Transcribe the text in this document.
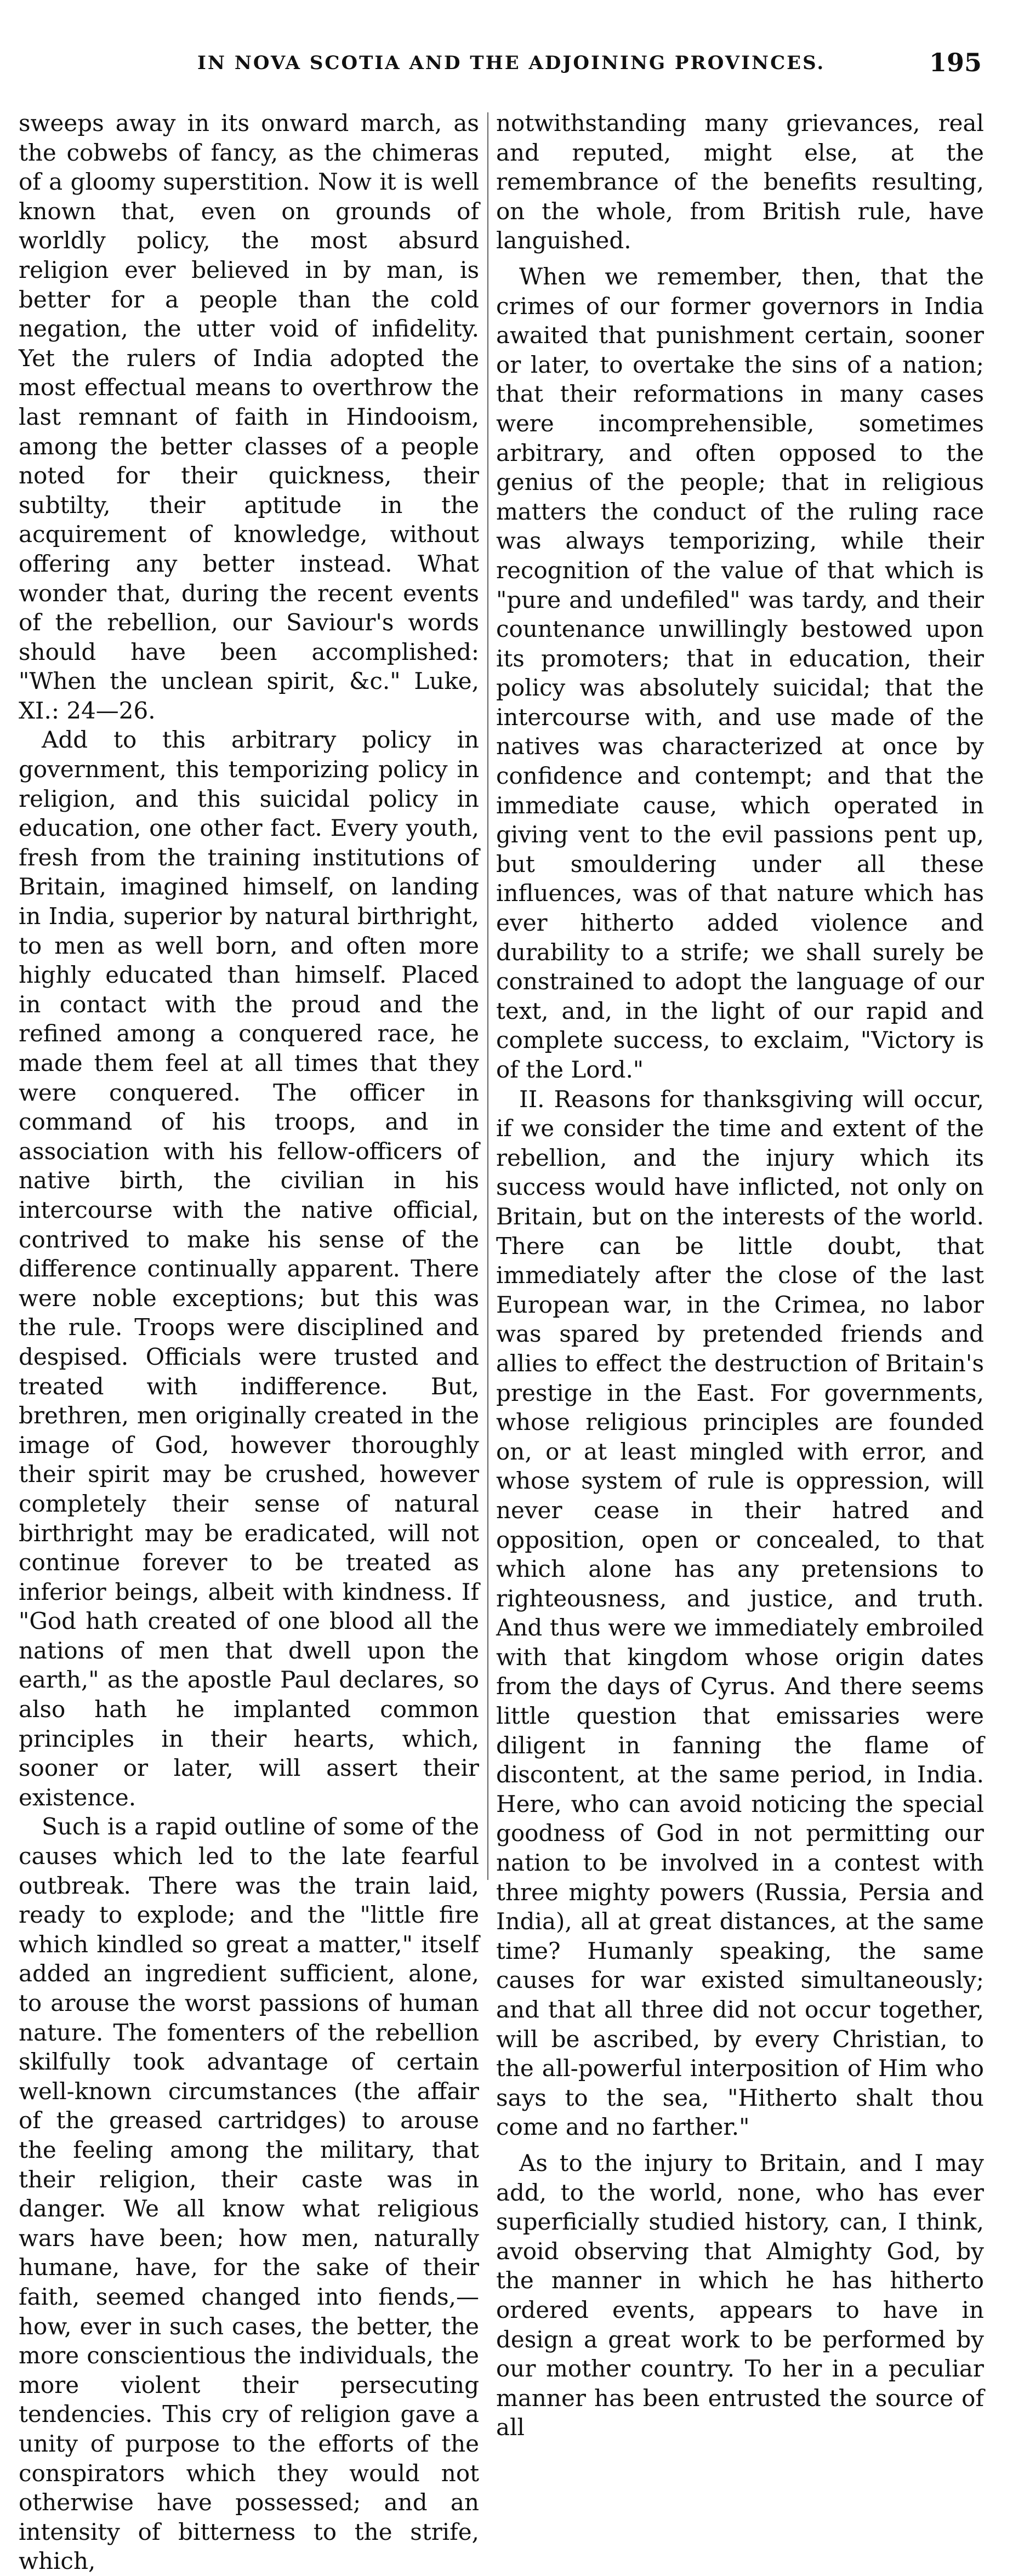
IN NOVA SCOTIA AND THE ADJOINING PROVINCES.	195

sweeps away in its onward march, as the cobwebs of fancy, as the chimeras of a gloomy superstition. Now it is well known that, even on grounds of worldly policy, the most absurd religion ever believed in by man, is better for a people than the cold negation, the utter void of infidelity. Yet the rulers of India adopted the most effectual means to overthrow the last remnant of faith in Hindooism, among the better classes of a people noted for their quickness, their subtilty, their aptitude in the acquirement of knowledge, without offering any better instead. What wonder that, during the recent events of the rebellion, our Saviour's words should have been accomplished: "When the unclean spirit, &c." Luke, XI.: 24—26.

Add to this arbitrary policy in government, this temporizing policy in religion, and this suicidal policy in education, one other fact. Every youth, fresh from the training institutions of Britain, imagined himself, on landing in India, superior by natural birthright, to men as well born, and often more highly educated than himself. Placed in contact with the proud and the refined among a conquered race, he made them feel at all times that they were conquered. The officer in command of his troops, and in association with his fellow-officers of native birth, the civilian in his intercourse with the native official, contrived to make his sense of the difference continually apparent. There were noble exceptions; but this was the rule. Troops were disciplined and despised. Officials were trusted and treated with indifference. But, brethren, men originally created in the image of God, however thoroughly their spirit may be crushed, however completely their sense of natural birthright may be eradicated, will not continue forever to be treated as inferior beings, albeit with kindness. If "God hath created of one blood all the nations of men that dwell upon the earth," as the apostle Paul declares, so also hath he implanted common principles in their hearts, which, sooner or later, will assert their existence.

Such is a rapid outline of some of the causes which led to the late fearful outbreak. There was the train laid, ready to explode; and the "little fire which kindled so great a matter," itself added an ingredient sufficient, alone, to arouse the worst passions of human nature. The fomenters of the rebellion skilfully took advantage of certain well-known circumstances (the affair of the greased cartridges) to arouse the feeling among the military, that their religion, their caste was in danger. We all know what religious wars have been; how men, naturally humane, have, for the sake of their faith, seemed changed into fiends,—how, ever in such cases, the better, the more conscientious the individuals, the more violent their persecuting tendencies. This cry of religion gave a unity of purpose to the efforts of the conspirators which they would not otherwise have possessed; and an intensity of bitterness to the strife, which,

notwithstanding many grievances, real and reputed, might else, at the remembrance of the benefits resulting, on the whole, from British rule, have languished.

When we remember, then, that the crimes of our former governors in India awaited that punishment certain, sooner or later, to overtake the sins of a nation; that their reformations in many cases were incomprehensible, sometimes arbitrary, and often opposed to the genius of the people; that in religious matters the conduct of the ruling race was always temporizing, while their recognition of the value of that which is "pure and undefiled" was tardy, and their countenance unwillingly bestowed upon its promoters; that in education, their policy was absolutely suicidal; that the intercourse with, and use made of the natives was characterized at once by confidence and contempt; and that the immediate cause, which operated in giving vent to the evil passions pent up, but smouldering under all these influences, was of that nature which has ever hitherto added violence and durability to a strife; we shall surely be constrained to adopt the language of our text, and, in the light of our rapid and complete success, to exclaim, "Victory is of the Lord."

II. Reasons for thanksgiving will occur, if we consider the time and extent of the rebellion, and the injury which its success would have inflicted, not only on Britain, but on the interests of the world. There can be little doubt, that immediately after the close of the last European war, in the Crimea, no labor was spared by pretended friends and allies to effect the destruction of Britain's prestige in the East. For governments, whose religious principles are founded on, or at least mingled with error, and whose system of rule is oppression, will never cease in their hatred and opposition, open or concealed, to that which alone has any pretensions to righteousness, and justice, and truth. And thus were we immediately embroiled with that kingdom whose origin dates from the days of Cyrus. And there seems little question that emissaries were diligent in fanning the flame of discontent, at the same period, in India. Here, who can avoid noticing the special goodness of God in not permitting our nation to be involved in a contest with three mighty powers (Russia, Persia and India), all at great distances, at the same time? Humanly speaking, the same causes for war existed simultaneously; and that all three did not occur together, will be ascribed, by every Christian, to the all-powerful interposition of Him who says to the sea, "Hitherto shalt thou come and no farther."

As to the injury to Britain, and I may add, to the world, none, who has ever superficially studied history, can, I think, avoid observing that Almighty God, by the manner in which he has hitherto ordered events, appears to have in design a great work to be performed by our mother country. To her in a peculiar manner has been entrusted the source of all
